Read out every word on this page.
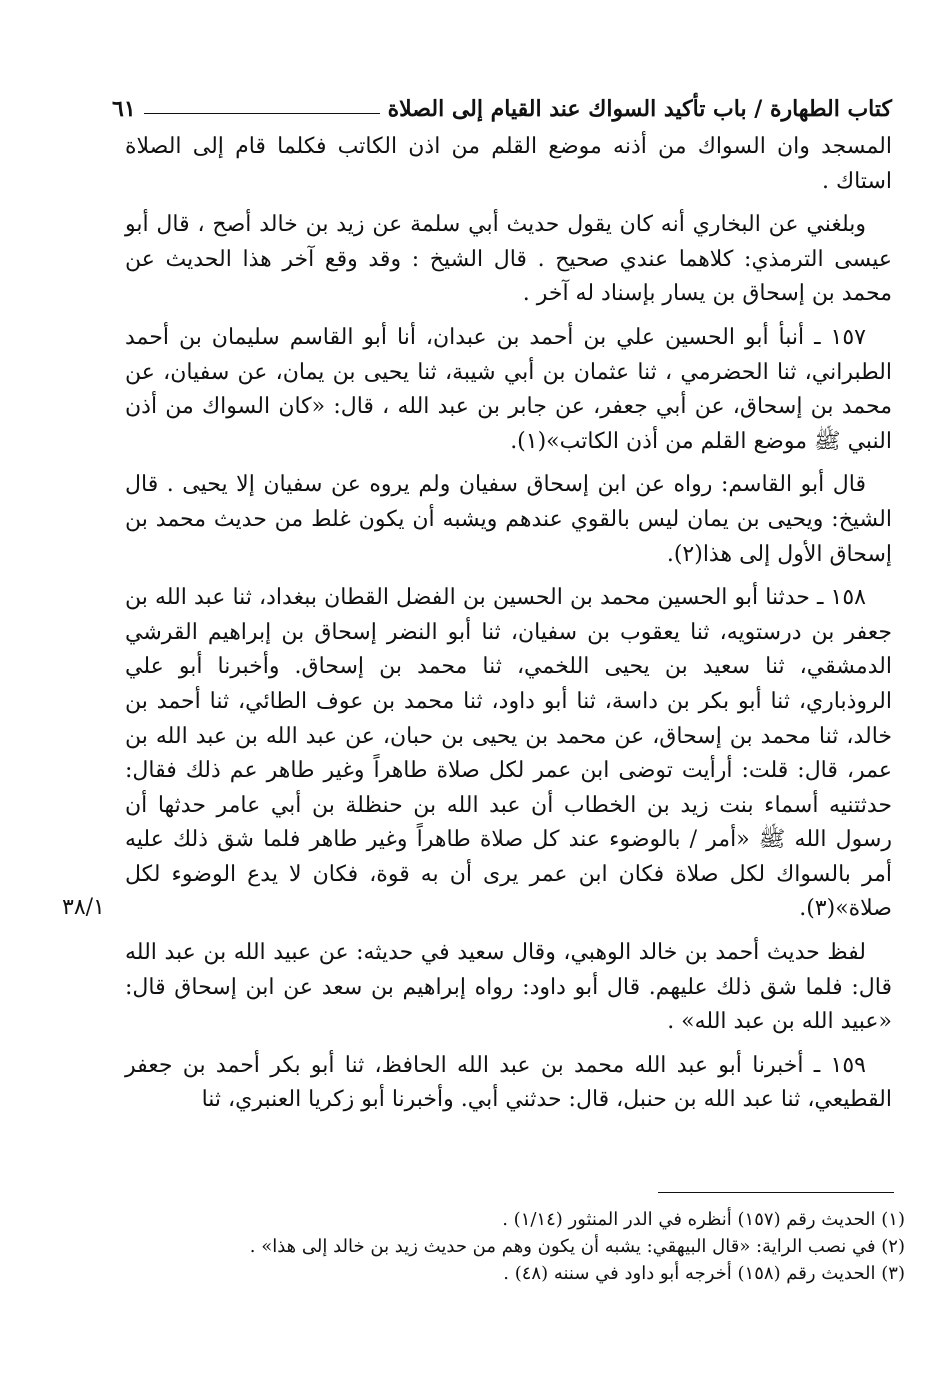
كتاب الطهارة / باب تأكيد السواك عند القيام إلى الصلاة
٦١

المسجد وان السواك من أذنه موضع القلم من اذن الكاتب فكلما قام إلى الصلاة استاك .

وبلغني عن البخاري أنه كان يقول حديث أبي سلمة عن زيد بن خالد أصح ، قال أبو عيسى الترمذي: كلاهما عندي صحيح . قال الشيخ : وقد وقع آخر هذا الحديث عن محمد بن إسحاق بن يسار بإسناد له آخر .

١٥٧ ـ أنبأ أبو الحسين علي بن أحمد بن عبدان، أنا أبو القاسم سليمان بن أحمد الطبراني، ثنا الحضرمي ، ثنا عثمان بن أبي شيبة، ثنا يحيى بن يمان، عن سفيان، عن محمد بن إسحاق، عن أبي جعفر، عن جابر بن عبد الله ، قال: «كان السواك من أذن النبي ﷺ موضع القلم من أذن الكاتب»(١).

قال أبو القاسم: رواه عن ابن إسحاق سفيان ولم يروه عن سفيان إلا يحيى . قال الشيخ: ويحيى بن يمان ليس بالقوي عندهم ويشبه أن يكون غلط من حديث محمد بن إسحاق الأول إلى هذا(٢).

١٥٨ ـ حدثنا أبو الحسين محمد بن الحسين بن الفضل القطان ببغداد، ثنا عبد الله بن جعفر بن درستويه، ثنا يعقوب بن سفيان، ثنا أبو النضر إسحاق بن إبراهيم القرشي الدمشقي، ثنا سعيد بن يحيى اللخمي، ثنا محمد بن إسحاق. وأخبرنا أبو علي الروذباري، ثنا أبو بكر بن داسة، ثنا أبو داود، ثنا محمد بن عوف الطائي، ثنا أحمد بن خالد، ثنا محمد بن إسحاق، عن محمد بن يحيى بن حبان، عن عبد الله بن عبد الله بن عمر، قال: قلت: أرأيت توضى ابن عمر لكل صلاة طاهراً وغير طاهر عم ذلك فقال: حدثتنيه أسماء بنت زيد بن الخطاب أن عبد الله بن حنظلة بن أبي عامر حدثها أن رسول الله ﷺ «أمر / بالوضوء عند كل صلاة طاهراً وغير طاهر فلما شق ذلك عليه أمر بالسواك لكل صلاة فكان ابن عمر يرى أن به قوة، فكان لا يدع الوضوء لكل صلاة»(٣).

لفظ حديث أحمد بن خالد الوهبي، وقال سعيد في حديثه: عن عبيد الله بن عبد الله قال: فلما شق ذلك عليهم. قال أبو داود: رواه إبراهيم بن سعد عن ابن إسحاق قال: «عبيد الله بن عبد الله» .

١٥٩ ـ أخبرنا أبو عبد الله محمد بن عبد الله الحافظ، ثنا أبو بكر أحمد بن جعفر القطيعي، ثنا عبد الله بن حنبل، قال: حدثني أبي. وأخبرنا أبو زكريا العنبري، ثنا

٣٨/١
(١) الحديث رقم (١٥٧) أنظره في الدر المنثور (١/١٤) .
(٢) في نصب الراية: «قال البيهقي: يشبه أن يكون وهم من حديث زيد بن خالد إلى هذا» .
(٣) الحديث رقم (١٥٨) أخرجه أبو داود في سننه (٤٨) .
